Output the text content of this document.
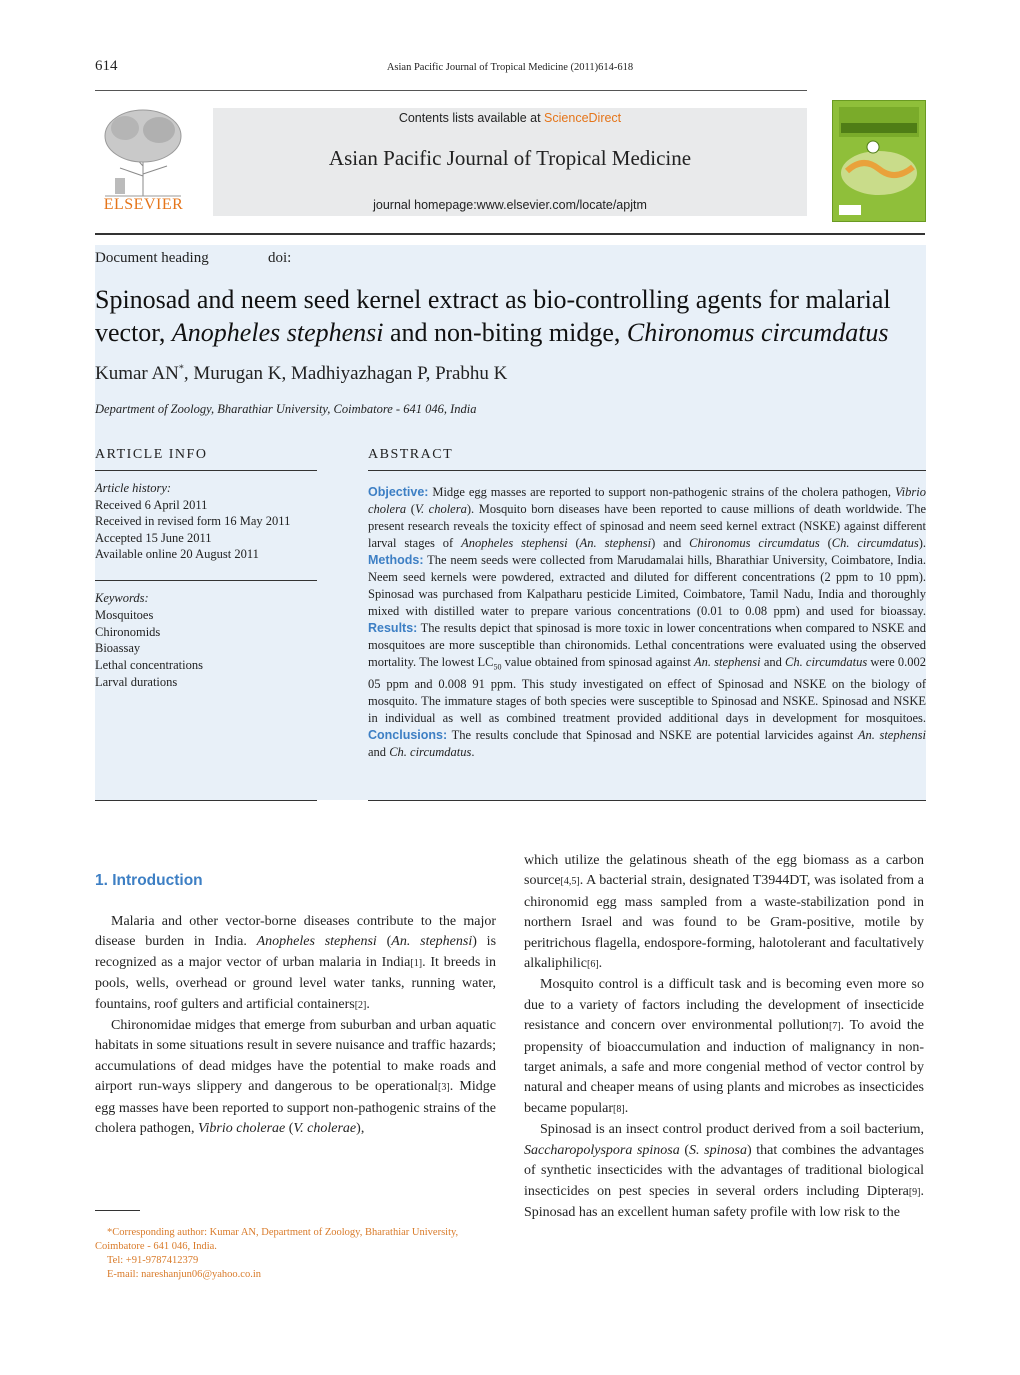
614	Asian Pacific Journal of Tropical Medicine (2011)614-618
ELSEVIER
Contents lists available at ScienceDirect
Asian Pacific Journal of Tropical Medicine
journal homepage:www.elsevier.com/locate/apjtm
Document heading	doi:
Spinosad and neem seed kernel extract as bio-controlling agents for malarial vector, Anopheles stephensi and non-biting midge, Chironomus circumdatus
Kumar AN*, Murugan K, Madhiyazhagan P, Prabhu K
Department of Zoology, Bharathiar University, Coimbatore - 641 046, India
ARTICLE INFO	ABSTRACT
Article history:
Received 6 April 2011
Received in revised form 16 May 2011
Accepted 15 June 2011
Available online 20 August 2011
Keywords:
Mosquitoes
Chironomids
Bioassay
Lethal concentrations
Larval durations
Objective: Midge egg masses are reported to support non-pathogenic strains of the cholera pathogen, Vibrio cholera (V. cholera). Mosquito born diseases have been reported to cause millions of death worldwide. The present research reveals the toxicity effect of spinosad and neem seed kernel extract (NSKE) against different larval stages of Anopheles stephensi (An. stephensi) and Chironomus circumdatus (Ch. circumdatus). Methods: The neem seeds were collected from Marudamalai hills, Bharathiar University, Coimbatore, India. Neem seed kernels were powdered, extracted and diluted for different concentrations (2 ppm to 10 ppm). Spinosad was purchased from Kalpatharu pesticide Limited, Coimbatore, Tamil Nadu, India and thoroughly mixed with distilled water to prepare various concentrations (0.01 to 0.08 ppm) and used for bioassay. Results: The results depict that spinosad is more toxic in lower concentrations when compared to NSKE and mosquitoes are more susceptible than chironomids. Lethal concentrations were evaluated using the observed mortality. The lowest $LC_{50}$ value obtained from spinosad against An. stephensi and Ch. circumdatus were 0.002 05 ppm and 0.008 91 ppm. This study investigated on effect of Spinosad and NSKE on the biology of mosquito. The immature stages of both species were susceptible to Spinosad and NSKE. Spinosad and NSKE in individual as well as combined treatment provided additional days in development for mosquitoes. Conclusions: The results conclude that Spinosad and NSKE are potential larvicides against An. stephensi and Ch. circumdatus.
1. Introduction

Malaria and other vector-borne diseases contribute to the major disease burden in India. Anopheles stephensi (An. stephensi) is recognized as a major vector of urban malaria in India[1]. It breeds in pools, wells, overhead or ground level water tanks, running water, fountains, roof gulters and artificial containers[2].

Chironomidae midges that emerge from suburban and urban aquatic habitats in some situations result in severe nuisance and traffic hazards; accumulations of dead midges have the potential to make roads and airport run-ways slippery and dangerous to be operational[3]. Midge egg masses have been reported to support non-pathogenic strains of the cholera pathogen, Vibrio cholerae (V. cholerae),

which utilize the gelatinous sheath of the egg biomass as a carbon source[4,5]. A bacterial strain, designated T3944DT, was isolated from a chironomid egg mass sampled from a waste-stabilization pond in northern Israel and was found to be Gram-positive, motile by peritrichous flagella, endospore-forming, halotolerant and facultatively alkaliphilic[6].

Mosquito control is a difficult task and is becoming even more so due to a variety of factors including the development of insecticide resistance and concern over environmental pollution[7]. To avoid the propensity of bioaccumulation and induction of malignancy in non-target animals, a safe and more congenial method of vector control by natural and cheaper means of using plants and microbes as insecticides became popular[8].

Spinosad is an insect control product derived from a soil bacterium, Saccharopolyspora spinosa (S. spinosa) that combines the advantages of synthetic insecticides with the advantages of traditional biological insecticides on pest species in several orders including Diptera[9]. Spinosad has an excellent human safety profile with low risk to the

*Corresponding author: Kumar AN, Department of Zoology, Bharathiar University, Coimbatore - 641 046, India.
Tel: +91-9787412379
E-mail: nareshanjun06@yahoo.co.in
